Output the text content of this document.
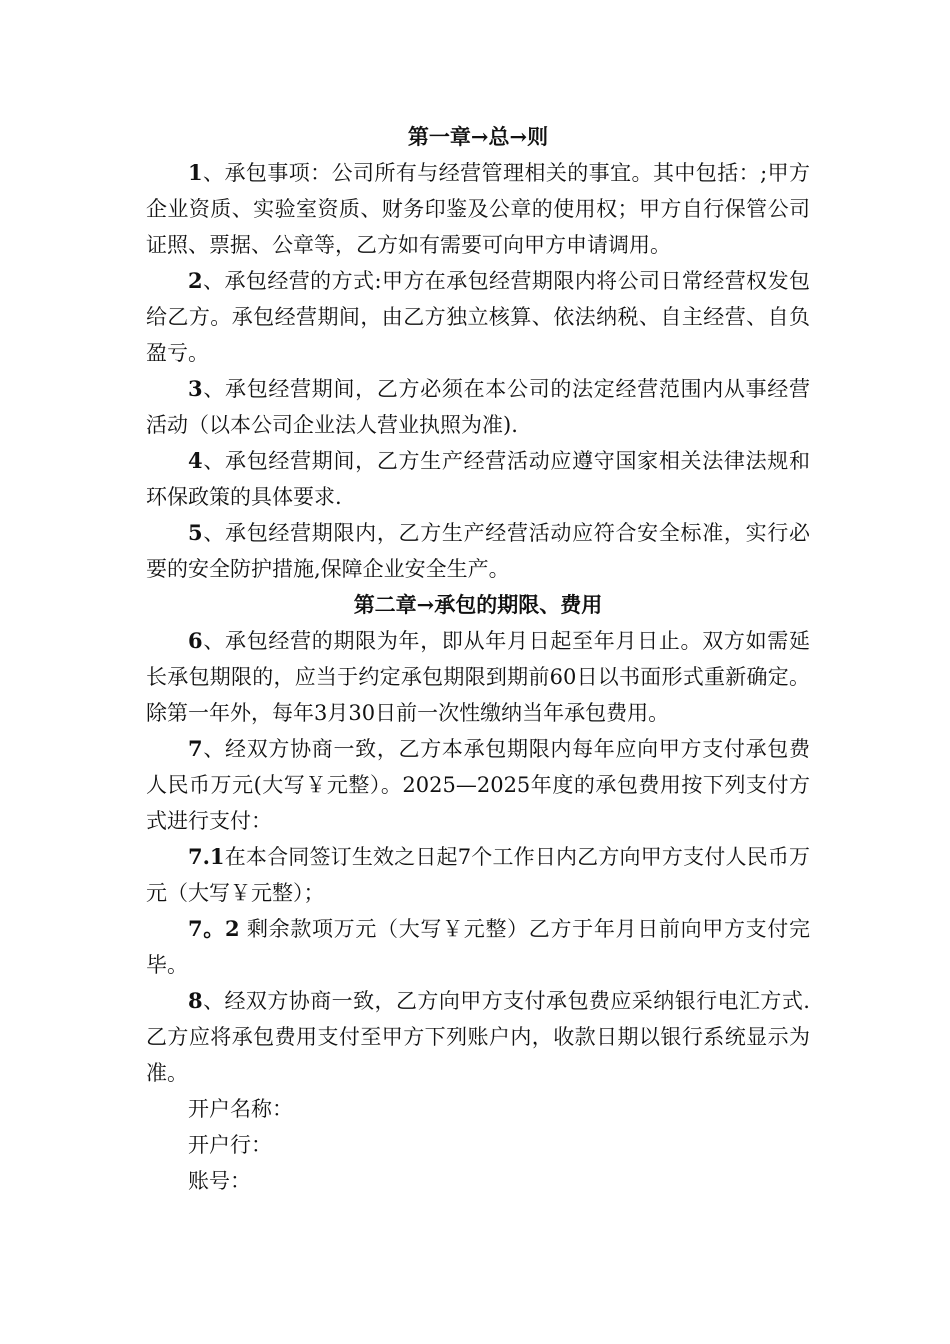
第一章→总→则
1、承包事项：公司所有与经营管理相关的事宜。其中包括：;甲方企业资质、实验室资质、财务印鉴及公章的使用权；甲方自行保管公司证照、票据、公章等，乙方如有需要可向甲方申请调用。
2、承包经营的方式:甲方在承包经营期限内将公司日常经营权发包给乙方。承包经营期间，由乙方独立核算、依法纳税、自主经营、自负盈亏。
3、承包经营期间，乙方必须在本公司的法定经营范围内从事经营活动（以本公司企业法人营业执照为准).
4、承包经营期间，乙方生产经营活动应遵守国家相关法律法规和环保政策的具体要求.
5、承包经营期限内，乙方生产经营活动应符合安全标准，实行必要的安全防护措施,保障企业安全生产。
第二章→承包的期限、费用
6、承包经营的期限为年，即从年月日起至年月日止。双方如需延长承包期限的，应当于约定承包期限到期前60日以书面形式重新确定。除第一年外，每年3月30日前一次性缴纳当年承包费用。
7、经双方协商一致，乙方本承包期限内每年应向甲方支付承包费人民币万元(大写￥元整）。2025—2025年度的承包费用按下列支付方式进行支付：
7.1在本合同签订生效之日起7个工作日内乙方向甲方支付人民币万元（大写￥元整）；
7。2 剩余款项万元（大写￥元整）乙方于年月日前向甲方支付完毕。
8、经双方协商一致，乙方向甲方支付承包费应采纳银行电汇方式.乙方应将承包费用支付至甲方下列账户内，收款日期以银行系统显示为准。
开户名称：
开户行：
账号：
